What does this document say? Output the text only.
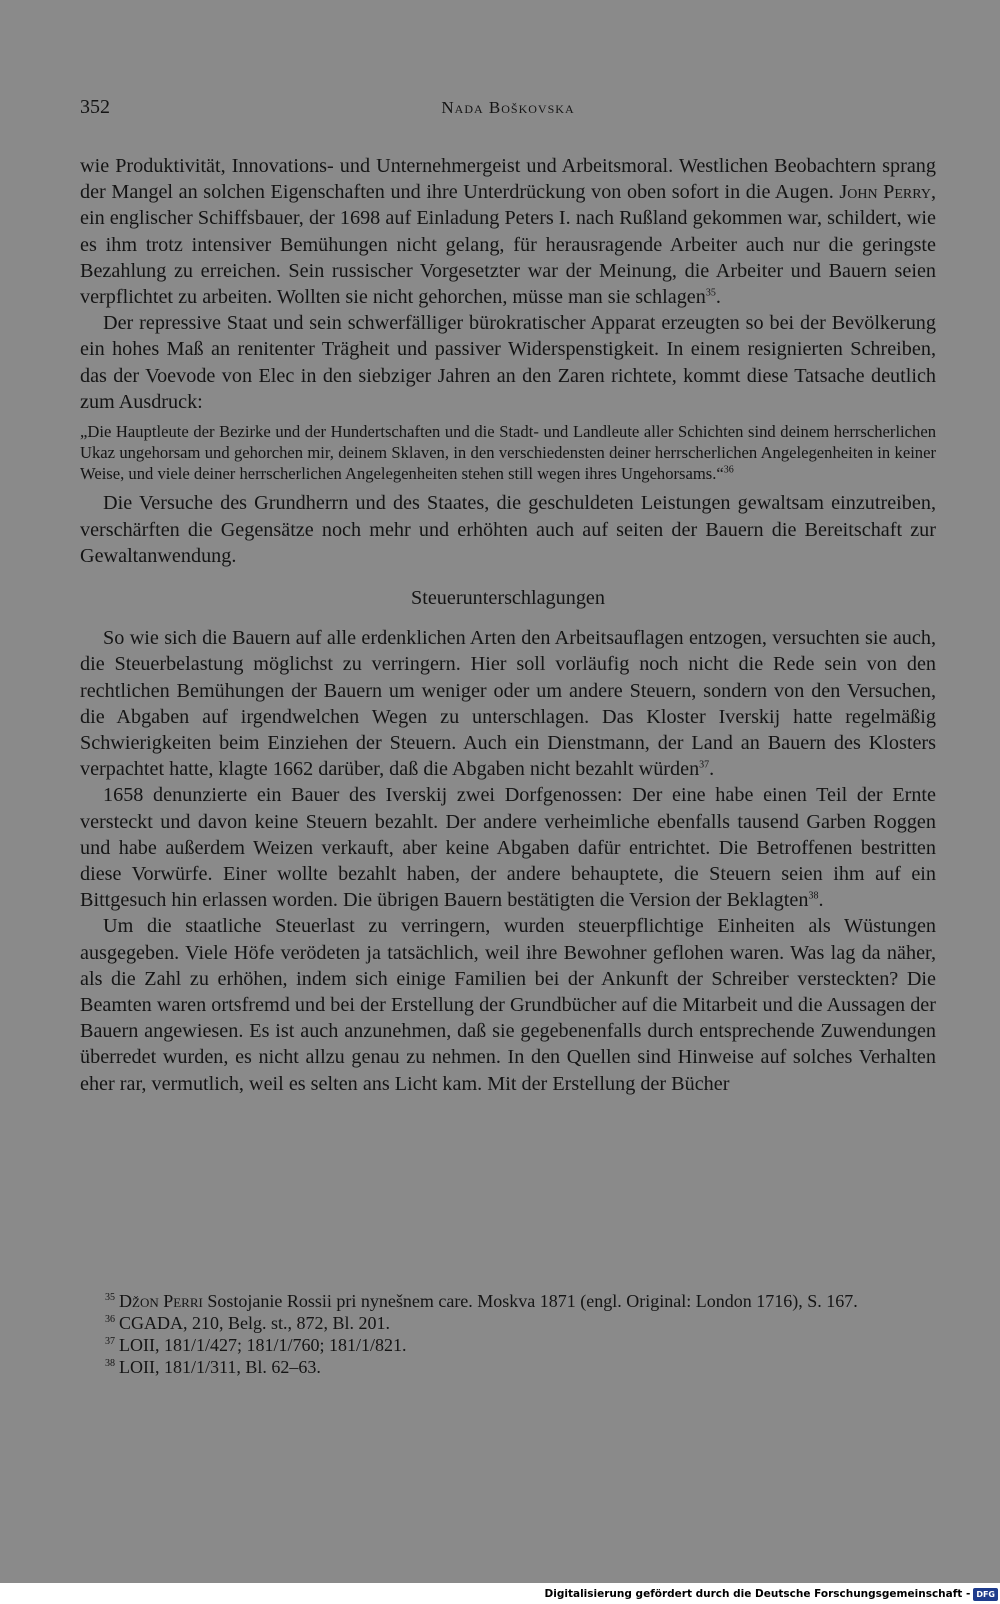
352	Nada Boškovska

wie Produktivität, Innovations- und Unternehmergeist und Arbeitsmoral. Westlichen Beobachtern sprang der Mangel an solchen Eigenschaften und ihre Unterdrückung von oben sofort in die Augen. John Perry, ein englischer Schiffsbauer, der 1698 auf Einladung Peters I. nach Rußland gekommen war, schildert, wie es ihm trotz intensiver Bemühungen nicht gelang, für herausragende Arbeiter auch nur die geringste Bezahlung zu erreichen. Sein russischer Vorgesetzter war der Meinung, die Arbeiter und Bauern seien verpflichtet zu arbeiten. Wollten sie nicht gehorchen, müsse man sie schlagen$^{35}$.

Der repressive Staat und sein schwerfälliger bürokratischer Apparat erzeugten so bei der Bevölkerung ein hohes Maß an renitenter Trägheit und passiver Widerspenstigkeit. In einem resignierten Schreiben, das der Voevode von Elec in den siebziger Jahren an den Zaren richtete, kommt diese Tatsache deutlich zum Ausdruck:

„Die Hauptleute der Bezirke und der Hundertschaften und die Stadt- und Landleute aller Schichten sind deinem herrscherlichen Ukaz ungehorsam und gehorchen mir, deinem Sklaven, in den verschiedensten deiner herrscherlichen Angelegenheiten in keiner Weise, und viele deiner herrscherlichen Angelegenheiten stehen still wegen ihres Ungehorsams.“$^{36}$

Die Versuche des Grundherrn und des Staates, die geschuldeten Leistungen gewaltsam einzutreiben, verschärften die Gegensätze noch mehr und erhöhten auch auf seiten der Bauern die Bereitschaft zur Gewaltanwendung.

Steuerunterschlagungen

So wie sich die Bauern auf alle erdenklichen Arten den Arbeitsauflagen entzogen, versuchten sie auch, die Steuerbelastung möglichst zu verringern. Hier soll vorläufig noch nicht die Rede sein von den rechtlichen Bemühungen der Bauern um weniger oder um andere Steuern, sondern von den Versuchen, die Abgaben auf irgendwelchen Wegen zu unterschlagen. Das Kloster Iverskij hatte regelmäßig Schwierigkeiten beim Einziehen der Steuern. Auch ein Dienstmann, der Land an Bauern des Klosters verpachtet hatte, klagte 1662 darüber, daß die Abgaben nicht bezahlt würden$^{37}$.

1658 denunzierte ein Bauer des Iverskij zwei Dorfgenossen: Der eine habe einen Teil der Ernte versteckt und davon keine Steuern bezahlt. Der andere verheimliche ebenfalls tausend Garben Roggen und habe außerdem Weizen verkauft, aber keine Abgaben dafür entrichtet. Die Betroffenen bestritten diese Vorwürfe. Einer wollte bezahlt haben, der andere behauptete, die Steuern seien ihm auf ein Bittgesuch hin erlassen worden. Die übrigen Bauern bestätigten die Version der Beklagten$^{38}$.

Um die staatliche Steuerlast zu verringern, wurden steuerpflichtige Einheiten als Wüstungen ausgegeben. Viele Höfe verödeten ja tatsächlich, weil ihre Bewohner geflohen waren. Was lag da näher, als die Zahl zu erhöhen, indem sich einige Familien bei der Ankunft der Schreiber versteckten? Die Beamten waren ortsfremd und bei der Erstellung der Grundbücher auf die Mitarbeit und die Aussagen der Bauern angewiesen. Es ist auch anzunehmen, daß sie gegebenenfalls durch entsprechende Zuwendungen überredet wurden, es nicht allzu genau zu nehmen. In den Quellen sind Hinweise auf solches Verhalten eher rar, vermutlich, weil es selten ans Licht kam. Mit der Erstellung der Bücher

$^{35}$ Džon Perri Sostojanie Rossii pri nynešnem care. Moskva 1871 (engl. Original: London 1716), S. 167.

$^{36}$ CGADA, 210, Belg. st., 872, Bl. 201.

$^{37}$ LOII, 181/1/427; 181/1/760; 181/1/821.

$^{38}$ LOII, 181/1/311, Bl. 62–63.

Digitalisierung gefördert durch die Deutsche Forschungsgemeinschaft - DFG
